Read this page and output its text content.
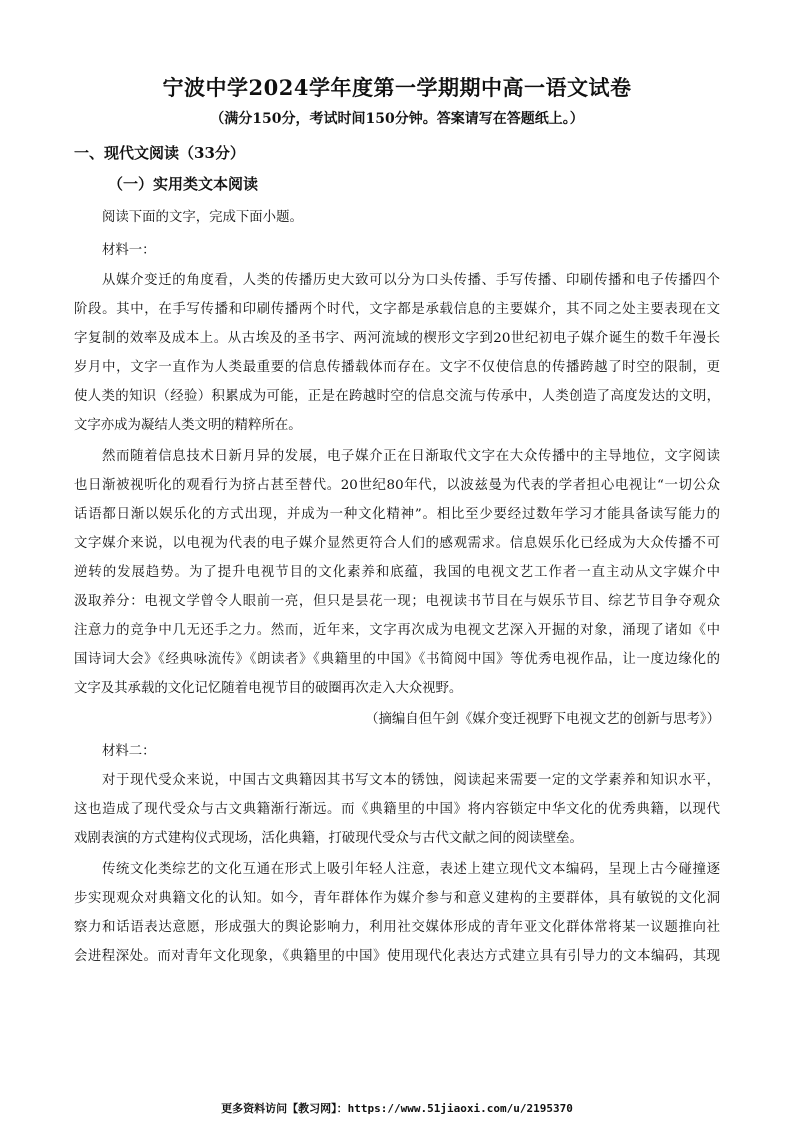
宁波中学2024学年度第一学期期中高一语文试卷
（满分150分，考试时间150分钟。答案请写在答题纸上。）
一、现代文阅读（33分）
（一）实用类文本阅读
阅读下面的文字，完成下面小题。
材料一：
从媒介变迁的角度看，人类的传播历史大致可以分为口头传播、手写传播、印刷传播和电子传播四个
阶段。其中，在手写传播和印刷传播两个时代，文字都是承载信息的主要媒介，其不同之处主要表现在文
字复制的效率及成本上。从古埃及的圣书字、两河流域的楔形文字到20世纪初电子媒介诞生的数千年漫长
岁月中，文字一直作为人类最重要的信息传播载体而存在。文字不仅使信息的传播跨越了时空的限制，更
使人类的知识（经验）积累成为可能，正是在跨越时空的信息交流与传承中，人类创造了高度发达的文明，
文字亦成为凝结人类文明的精粹所在。
然而随着信息技术日新月异的发展，电子媒介正在日渐取代文字在大众传播中的主导地位，文字阅读
也日渐被视听化的观看行为挤占甚至替代。20世纪80年代，以波兹曼为代表的学者担心电视让“一切公众
话语都日渐以娱乐化的方式出现，并成为一种文化精神”。相比至少要经过数年学习才能具备读写能力的
文字媒介来说，以电视为代表的电子媒介显然更符合人们的感观需求。信息娱乐化已经成为大众传播不可
逆转的发展趋势。为了提升电视节目的文化素养和底蕴，我国的电视文艺工作者一直主动从文字媒介中
汲取养分：电视文学曾令人眼前一亮，但只是昙花一现；电视读书节目在与娱乐节目、综艺节目争夺观众
注意力的竞争中几无还手之力。然而，近年来，文字再次成为电视文艺深入开掘的对象，涌现了诸如《中
国诗词大会》《经典咏流传》《朗读者》《典籍里的中国》《书简阅中国》等优秀电视作品，让一度边缘化的
文字及其承载的文化记忆随着电视节目的破圈再次走入大众视野。
（摘编自但午剑《媒介变迁视野下电视文艺的创新与思考》）
材料二：
对于现代受众来说，中国古文典籍因其书写文本的锈蚀，阅读起来需要一定的文学素养和知识水平，
这也造成了现代受众与古文典籍渐行渐远。而《典籍里的中国》将内容锁定中华文化的优秀典籍，以现代
戏剧表演的方式建构仪式现场，活化典籍，打破现代受众与古代文献之间的阅读壁垒。
传统文化类综艺的文化互通在形式上吸引年轻人注意，表述上建立现代文本编码，呈现上古今碰撞逐
步实现观众对典籍文化的认知。如今，青年群体作为媒介参与和意义建构的主要群体，具有敏锐的文化洞
察力和话语表达意愿，形成强大的舆论影响力，利用社交媒体形成的青年亚文化群体常将某一议题推向社
会进程深处。而对青年文化现象，《典籍里的中国》使用现代化表达方式建立具有引导力的文本编码，其现
更多资料访问【教习网】：https://www.51jiaoxi.com/u/2195370
